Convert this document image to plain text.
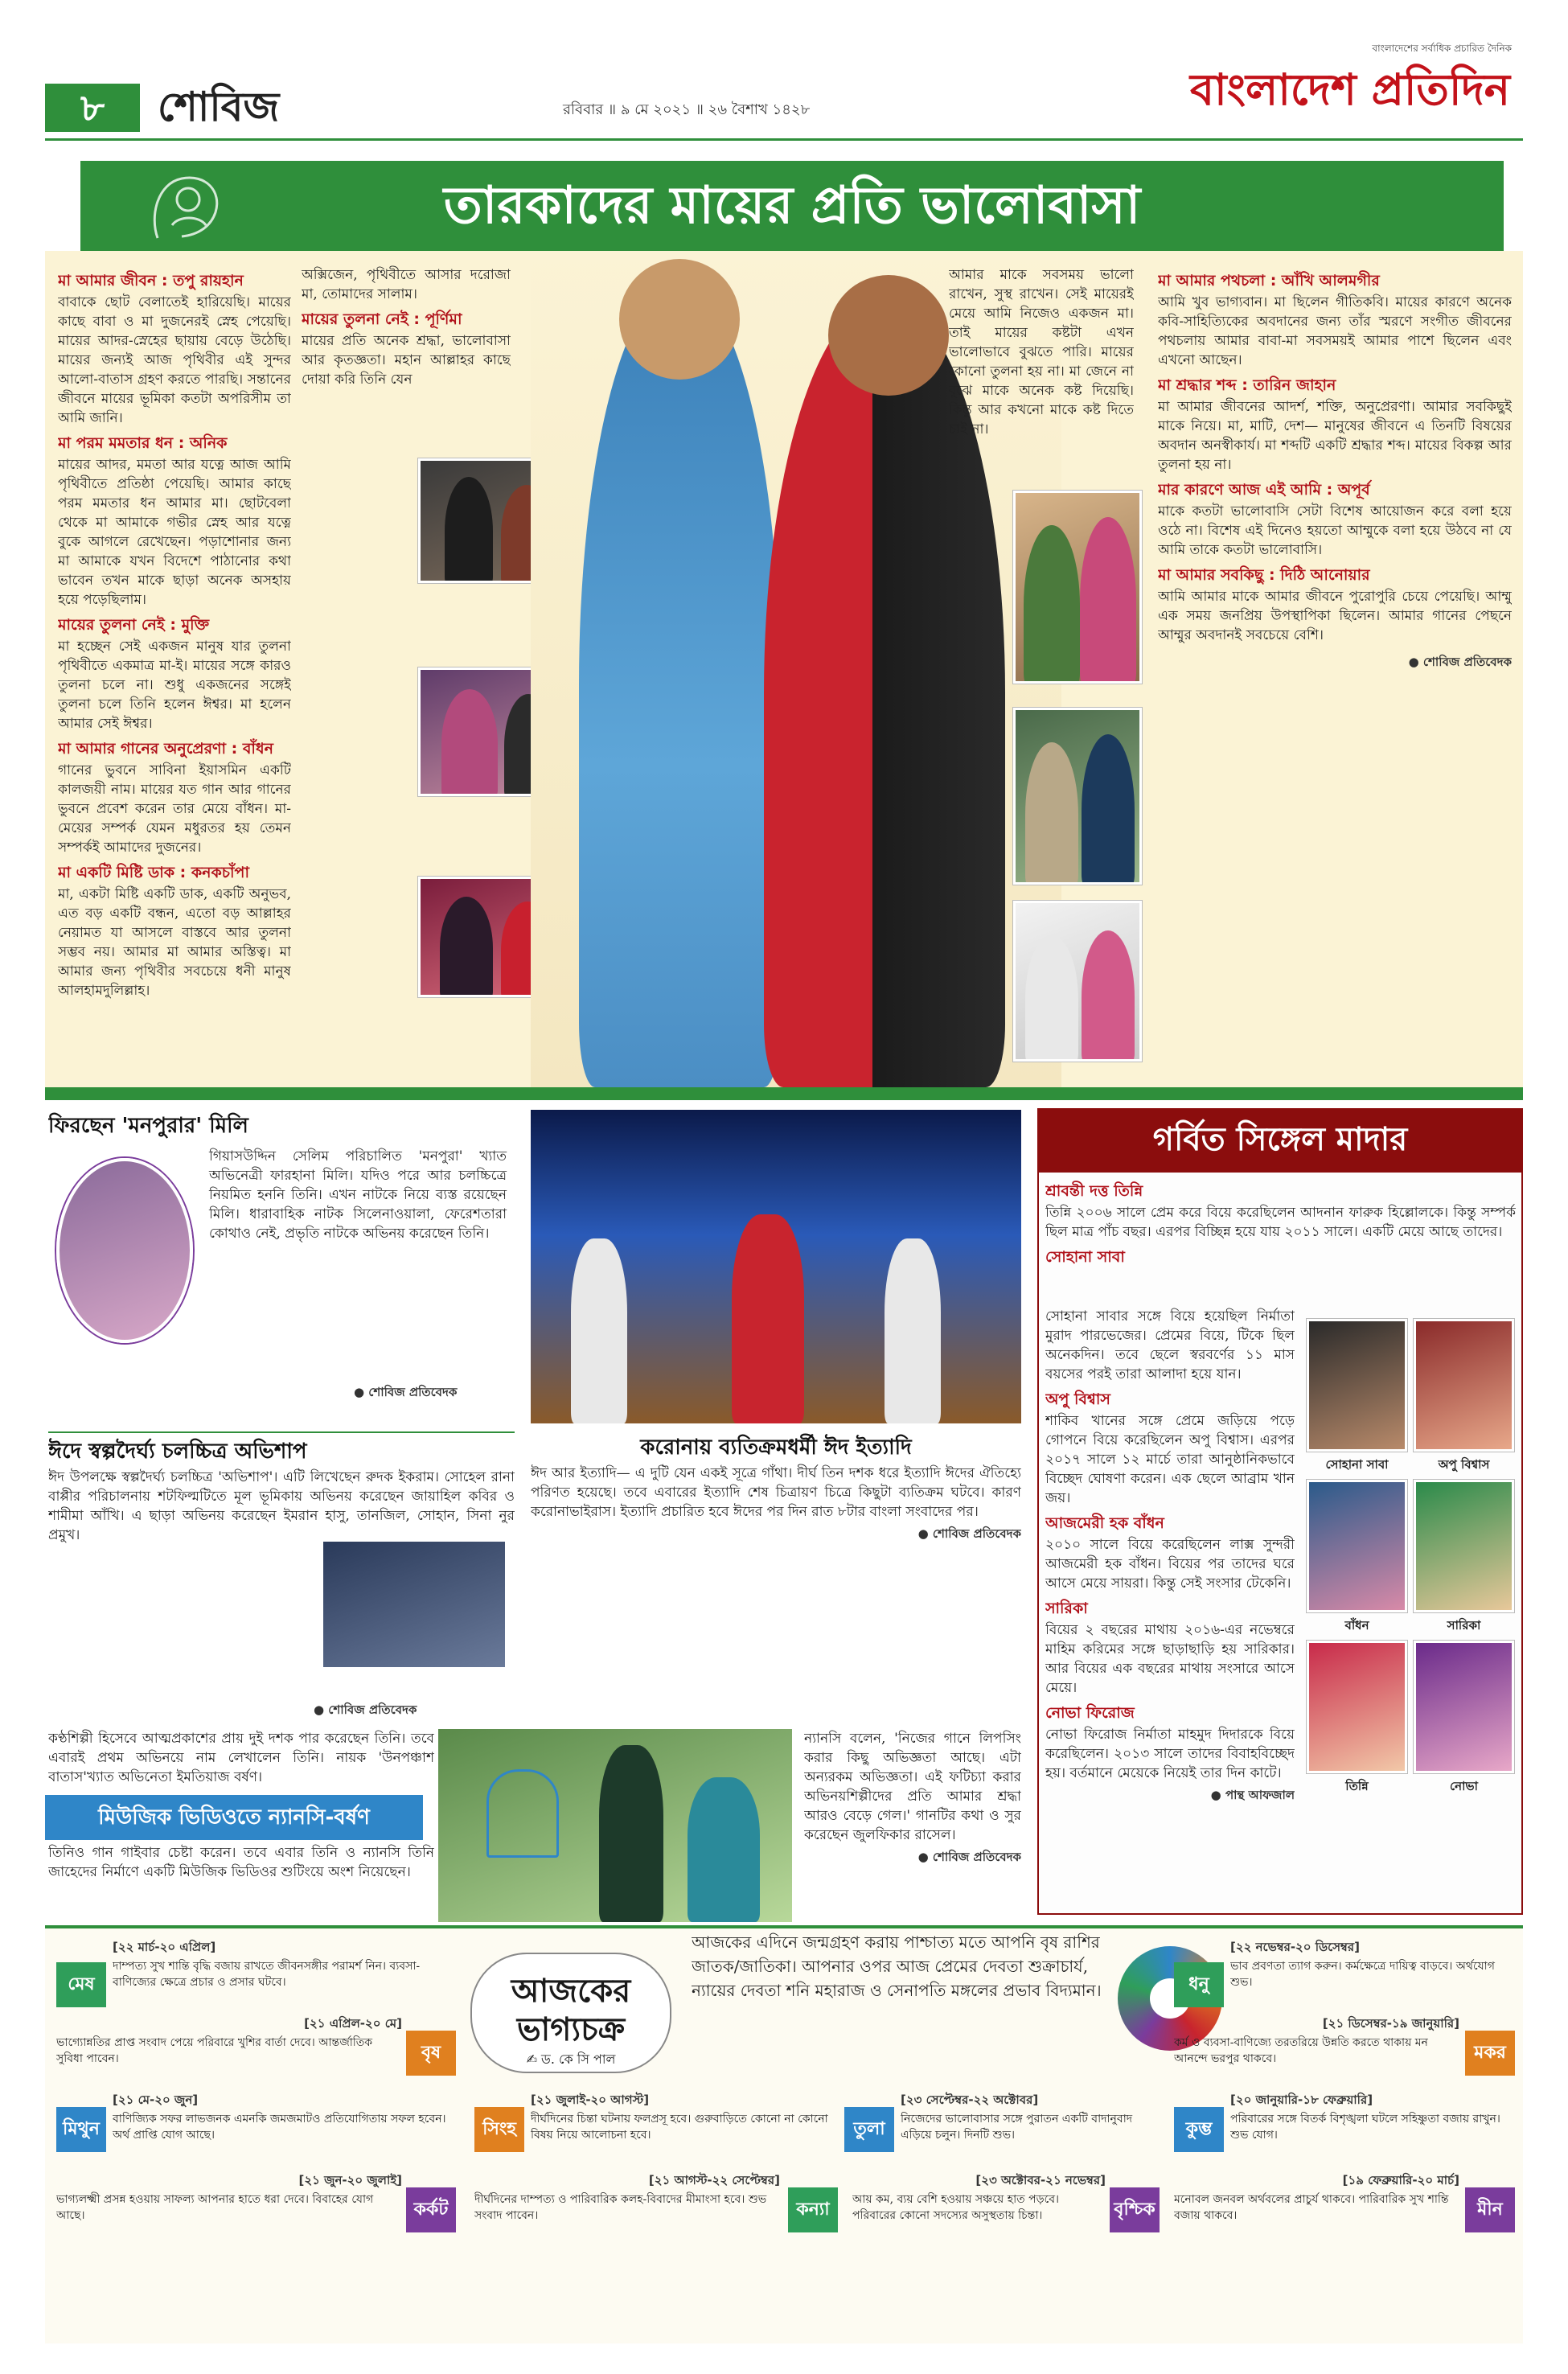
৮	শোবিজ	রবিবার ॥ ৯ মে ২০২১ ॥ ২৬ বৈশাখ ১৪২৮
বাংলাদেশের সর্বাধিক প্রচারিত দৈনিক
বাংলাদেশ প্রতিদিন
তারকাদের মায়ের প্রতি ভালোবাসা
মা আমার জীবন : তপু রায়হান

বাবাকে ছোট বেলাতেই হারিয়েছি। মায়ের কাছে বাবা ও মা দুজনেরই স্নেহ পেয়েছি। মায়ের আদর-স্নেহের ছায়ায় বেড়ে উঠেছি। মায়ের জন্যই আজ পৃথিবীর এই সুন্দর আলো-বাতাস গ্রহণ করতে পারছি। সন্তানের জীবনে মায়ের ভূমিকা কতটা অপরিসীম তা আমি জানি।

মা পরম মমতার ধন : অনিক

মায়ের আদর, মমতা আর যত্নে আজ আমি পৃথিবীতে প্রতিষ্ঠা পেয়েছি। আমার কাছে পরম মমতার ধন আমার মা। ছোটবেলা থেকে মা আমাকে গভীর স্নেহ আর যত্নে বুকে আগলে রেখেছেন। পড়াশোনার জন্য মা আমাকে যখন বিদেশে পাঠানোর কথা ভাবেন তখন মাকে ছাড়া অনেক অসহায় হয়ে পড়েছিলাম।

মায়ের তুলনা নেই : মুক্তি

মা হচ্ছেন সেই একজন মানুষ যার তুলনা পৃথিবীতে একমাত্র মা-ই। মায়ের সঙ্গে কারও তুলনা চলে না। শুধু একজনের সঙ্গেই তুলনা চলে তিনি হলেন ঈশ্বর। মা হলেন আমার সেই ঈশ্বর।

মা আমার গানের অনুপ্রেরণা : বাঁধন

গানের ভুবনে সাবিনা ইয়াসমিন একটি কালজয়ী নাম। মায়ের যত গান আর গানের ভুবনে প্রবেশ করেন তার মেয়ে বাঁধন। মা-মেয়ের সম্পর্ক যেমন মধুরতর হয় তেমন সম্পর্কই আমাদের দুজনের।

মা একটি মিষ্টি ডাক : কনকচাঁপা

মা, একটা মিষ্টি একটি ডাক, একটি অনুভব, এত বড় একটি বন্ধন, এতো বড় আল্লাহর নেয়ামত যা আসলে বাস্তবে আর তুলনা সম্ভব নয়। আমার মা আমার অস্তিত্ব। মা আমার জন্য পৃথিবীর সবচেয়ে ধনী মানুষ আলহামদুলিল্লাহ।

অক্সিজেন, পৃথিবীতে আসার দরোজা মা, তোমাদের সালাম।

মায়ের তুলনা নেই : পূর্ণিমা

মায়ের প্রতি অনেক শ্রদ্ধা, ভালোবাসা আর কৃতজ্ঞতা। মহান আল্লাহর কাছে দোয়া করি তিনি যেন

আমার মাকে সবসময় ভালো রাখেন, সুস্থ রাখেন। সেই মায়েরই মেয়ে আমি নিজেও একজন মা। তাই মায়ের কষ্টটা এখন ভালোভাবে বুঝতে পারি। মায়ের কোনো তুলনা হয় না। মা জেনে না বুঝে মাকে অনেক কষ্ট দিয়েছি। কিন্তু আর কখনো মাকে কষ্ট দিতে চাই না।

মা আমার পথচলা : আঁখি আলমগীর

আমি খুব ভাগ্যবান। মা ছিলেন গীতিকবি। মায়ের কারণে অনেক কবি-সাহিত্যিকের অবদানের জন্য তাঁর স্মরণে সংগীত জীবনের পথচলায় আমার বাবা-মা সবসময়ই আমার পাশে ছিলেন এবং এখনো আছেন।

মা শ্রদ্ধার শব্দ : তারিন জাহান

মা আমার জীবনের আদর্শ, শক্তি, অনুপ্রেরণা। আমার সবকিছুই মাকে নিয়ে। মা, মাটি, দেশ— মানুষের জীবনে এ তিনটি বিষয়ের অবদান অনস্বীকার্য। মা শব্দটি একটি শ্রদ্ধার শব্দ। মায়ের বিকল্প আর তুলনা হয় না।

মার কারণে আজ এই আমি : অপূর্ব

মাকে কতটা ভালোবাসি সেটা বিশেষ আয়োজন করে বলা হয়ে ওঠে না। বিশেষ এই দিনেও হয়তো আম্মুকে বলা হয়ে উঠবে না যে আমি তাকে কতটা ভালোবাসি।

মা আমার সবকিছু : দিঠি আনোয়ার

আমি আমার মাকে আমার জীবনে পুরোপুরি চেয়ে পেয়েছি। আম্মু এক সময় জনপ্রিয় উপস্থাপিকা ছিলেন। আমার গানের পেছনে আম্মুর অবদানই সবচেয়ে বেশি।

● শোবিজ প্রতিবেদক

ফিরছেন 'মনপুরার' মিলি

গিয়াসউদ্দিন সেলিম পরিচালিত 'মনপুরা' খ্যাত অভিনেত্রী ফারহানা মিলি। যদিও পরে আর চলচ্চিত্রে নিয়মিত হননি তিনি। এখন নাটকে নিয়ে ব্যস্ত রয়েছেন মিলি। ধারাবাহিক নাটক সিলেনাওয়ালা, ফেরেশতারা কোথাও নেই, প্রভৃতি নাটকে অভিনয় করেছেন তিনি।

● শোবিজ প্রতিবেদক

ঈদে স্বল্পদৈর্ঘ্য চলচ্চিত্র অভিশাপ

ঈদ উপলক্ষে স্বল্পদৈর্ঘ্য চলচ্চিত্র 'অভিশাপ'। এটি লিখেছেন রুদক ইকরাম। সোহেল রানা বাপ্পীর পরিচালনায় শটফিল্মটিতে মূল ভূমিকায় অভিনয় করেছেন জায়াহিল কবির ও শামীমা আঁখি। এ ছাড়া অভিনয় করেছেন ইমরান হাসু, তানজিল, সোহান, সিনা নুর প্রমুখ।

● শোবিজ প্রতিবেদক

করোনায় ব্যতিক্রমধর্মী ঈদ ইত্যাদি

ঈদ আর ইত্যাদি— এ দুটি যেন একই সূত্রে গাঁথা। দীর্ঘ তিন দশক ধরে ইত্যাদি ঈদের ঐতিহ্যে পরিণত হয়েছে। তবে এবারের ইত্যাদি শেষ চিত্রায়ণ চিত্রে কিছুটা ব্যতিক্রম ঘটবে। কারণ করোনাভাইরাস। ইত্যাদি প্রচারিত হবে ঈদের পর দিন রাত ৮টার বাংলা সংবাদের পর।

● শোবিজ প্রতিবেদক

কণ্ঠশিল্পী হিসেবে আত্মপ্রকাশের প্রায় দুই দশক পার করেছেন তিনি। তবে এবারই প্রথম অভিনয়ে নাম লেখালেন তিনি। নায়ক 'উনপঞ্চাশ বাতাস'খ্যাত অভিনেতা ইমতিয়াজ বর্ষণ।

মিউজিক ভিডিওতে ন্যানসি-বর্ষণ

তিনিও গান গাইবার চেষ্টা করেন। তবে এবার তিনি ও ন্যানসি তিনি জাহেদের নির্মাণে একটি মিউজিক ভিডিওর শুটিংয়ে অংশ নিয়েছেন।

ন্যানসি বলেন, 'নিজের গানে লিপসিং করার কিছু অভিজ্ঞতা আছে। এটা অন্যরকম অভিজ্ঞতা। এই ফটিচ্যা করার অভিনয়শিল্পীদের প্রতি আমার শ্রদ্ধা আরও বেড়ে গেল।' গানটির কথা ও সুর করেছেন জুলফিকার রাসেল।

● শোবিজ প্রতিবেদক

গর্বিত সিঙ্গেল মাদার
শ্রাবন্তী দত্ত তিন্নি

তিন্নি ২০০৬ সালে প্রেম করে বিয়ে করেছিলেন আদনান ফারুক হিল্লোলকে। কিন্তু সম্পর্ক ছিল মাত্র পাঁচ বছর। এরপর বিচ্ছিন্ন হয়ে যায় ২০১১ সালে। একটি মেয়ে আছে তাদের।

সোহানা সাবা

সোহানা সাবার সঙ্গে বিয়ে হয়েছিল নির্মাতা মুরাদ পারভেজের। প্রেমের বিয়ে, টিকে ছিল অনেকদিন। তবে ছেলে স্বরবর্ণের ১১ মাস বয়সের পরই তারা আলাদা হয়ে যান।

অপু বিশ্বাস

শাকিব খানের সঙ্গে প্রেমে জড়িয়ে পড়ে গোপনে বিয়ে করেছিলেন অপু বিশ্বাস। এরপর ২০১৭ সালে ১২ মার্চে তারা আনুষ্ঠানিকভাবে বিচ্ছেদ ঘোষণা করেন। এক ছেলে আব্রাম খান জয়।

আজমেরী হক বাঁধন

২০১০ সালে বিয়ে করেছিলেন লাক্স সুন্দরী আজমেরী হক বাঁধন। বিয়ের পর তাদের ঘরে আসে মেয়ে সায়রা। কিন্তু সেই সংসার টেকেনি।

সারিকা

বিয়ের ২ বছরের মাথায় ২০১৬-এর নভেম্বরে মাহিম করিমের সঙ্গে ছাড়াছাড়ি হয় সারিকার। আর বিয়ের এক বছরের মাথায় সংসারে আসে মেয়ে।

নোভা ফিরোজ

নোভা ফিরোজ নির্মাতা মাহমুদ দিদারকে বিয়ে করেছিলেন। ২০১৩ সালে তাদের বিবাহবিচ্ছেদ হয়। বর্তমানে মেয়েকে নিয়েই তার দিন কাটে।

● পান্থ আফজাল

সোহানা সাবা	অপু বিশ্বাস
বাঁধন	সারিকা
তিন্নি	নোভা
আজকের
ভাগ্যচক্র
✍ ড. কে সি পাল

আজকের এদিনে জন্মগ্রহণ করায় পাশ্চাত্য মতে আপনি বৃষ রাশির জাতক/জাতিকা। আপনার ওপর আজ প্রেমের দেবতা শুক্রাচার্য, ন্যায়ের দেবতা শনি মহারাজ ও সেনাপতি মঙ্গলের প্রভাব বিদ্যমান।

মেষ
[২২ মার্চ-২০ এপ্রিল]

দাম্পত্য সুখ শান্তি বৃদ্ধি বজায় রাখতে জীবনসঙ্গীর পরামর্শ নিন। ব্যবসা-বাণিজ্যের ক্ষেত্রে প্রচার ও প্রসার ঘটবে।

বৃষ
[২১ এপ্রিল-২০ মে]

ভাগ্যোন্নতির প্রাপ্ত সংবাদ পেয়ে পরিবারে খুশির বার্তা দেবে। আন্তর্জাতিক সুবিধা পাবেন।

মিথুন
[২১ মে-২০ জুন]

বাণিজ্যিক সফর লাভজনক এমনকি জমজমাটও প্রতিযোগিতায় সফল হবেন। অর্থ প্রাপ্তি যোগ আছে।

কর্কট
[২১ জুন-২০ জুলাই]

ভাগ্যলক্ষ্মী প্রসন্ন হওয়ায় সাফল্য আপনার হাতে ধরা দেবে। বিবাহের যোগ আছে।

সিংহ
[২১ জুলাই-২০ আগস্ট]

দীর্ঘদিনের চিন্তা ঘটনায় ফলপ্রসূ হবে। গুরুবাড়িতে কোনো না কোনো বিষয় নিয়ে আলোচনা হবে।

কন্যা
[২১ আগস্ট-২২ সেপ্টেম্বর]

দীর্ঘদিনের দাম্পত্য ও পারিবারিক কলহ-বিবাদের মীমাংসা হবে। শুভ সংবাদ পাবেন।

তুলা
[২৩ সেপ্টেম্বর-২২ অক্টোবর]

নিজেদের ভালোবাসার সঙ্গে পুরাতন একটি বাদানুবাদ এড়িয়ে চলুন। দিনটি শুভ।

বৃশ্চিক
[২৩ অক্টোবর-২১ নভেম্বর]

আয় কম, ব্যয় বেশি হওয়ায় সঞ্চয়ে হাত পড়বে। পরিবারের কোনো সদস্যের অসুস্থতায় চিন্তা।

ধনু
[২২ নভেম্বর-২০ ডিসেম্বর]

ভাব প্রবণতা ত্যাগ করুন। কর্মক্ষেত্রে দায়িত্ব বাড়বে। অর্থযোগ শুভ।

মকর
[২১ ডিসেম্বর-১৯ জানুয়ারি]

কর্ম ও ব্যবসা-বাণিজ্যে তরতরিয়ে উন্নতি করতে থাকায় মন আনন্দে ভরপুর থাকবে।

কুম্ভ
[২০ জানুয়ারি-১৮ ফেব্রুয়ারি]

পরিবারের সঙ্গে বিতর্ক বিশৃঙ্খলা ঘটলে সহিষ্ণুতা বজায় রাখুন। শুভ যোগ।

মীন
[১৯ ফেব্রুয়ারি-২০ মার্চ]

মনোবল জনবল অর্থবলের প্রাচুর্য থাকবে। পারিবারিক সুখ শান্তি বজায় থাকবে।
